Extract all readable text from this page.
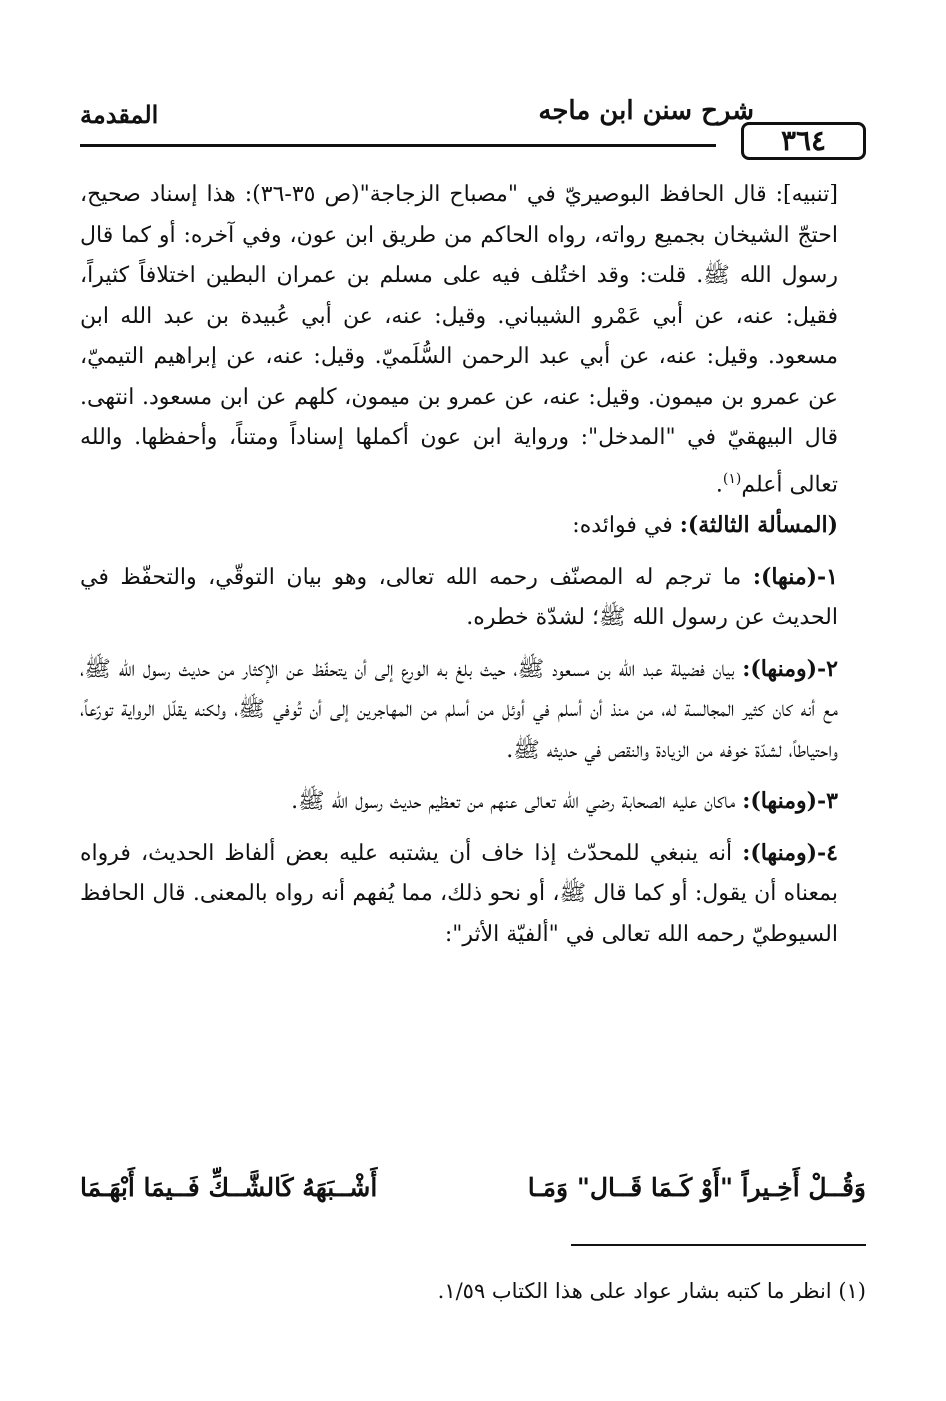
٣٦٤
شرح سنن ابن ماجه
المقدمة

[تنبيه]: قال الحافظ البوصيريّ في "مصباح الزجاجة"(ص ٣٥-٣٦): هذا إسناد صحيح، احتجّ الشيخان بجميع رواته، رواه الحاكم من طريق ابن عون، وفي آخره: أو كما قال رسول الله ﷺ. قلت: وقد اختُلف فيه على مسلم بن عمران البطين اختلافاً كثيراً، فقيل: عنه، عن أبي عَمْرو الشيباني. وقيل: عنه، عن أبي عُبيدة بن عبد الله ابن مسعود. وقيل: عنه، عن أبي عبد الرحمن السُّلَميّ. وقيل: عنه، عن إبراهيم التيميّ، عن عمرو بن ميمون. وقيل: عنه، عن عمرو بن ميمون، كلهم عن ابن مسعود. انتهى. قال البيهقيّ في "المدخل": ورواية ابن عون أكملها إسناداً ومتناً، وأحفظها. والله تعالى أعلم$^{(١)}$.

(المسألة الثالثة): في فوائده:

١-(منها): ما ترجم له المصنّف رحمه الله تعالى، وهو بيان التوقّي، والتحفّظ في الحديث عن رسول الله ﷺ؛ لشدّة خطره.

٢-(ومنها): بيان فضيلة عبد الله بن مسعود ﷺ، حيث بلغ به الورع إلى أن يتحفّظ عن الإكثار من حديث رسول الله ﷺ، مع أنه كان كثير المجالسة له، من منذ أن أسلم في أوئل من أسلم من المهاجرين إلى أن تُوفي ﷺ، ولكنه يقلّل الرواية تورّعاً، واحتياطاً، لشدّة خوفه من الزيادة والنقص في حديثه ﷺ.

٣-(ومنها): ماكان عليه الصحابة رضي الله تعالى عنهم من تعظيم حديث رسول الله ﷺ.

٤-(ومنها): أنه ينبغي للمحدّث إذا خاف أن يشتبه عليه بعض ألفاظ الحديث، فرواه بمعناه أن يقول: أو كما قال ﷺ، أو نحو ذلك، مما يُفهم أنه رواه بالمعنى. قال الحافظ السيوطيّ رحمه الله تعالى في "ألفيّة الأثر":

وَقُــلْ أَخِـيراً "أَوْ كَـمَا قَــال" وَمَـا
أَشْــبَهَهُ كَالشَّــكِّ فَــيمَا أَبْهَـمَا
(١) انظر ما كتبه بشار عواد على هذا الكتاب ١/٥٩.
